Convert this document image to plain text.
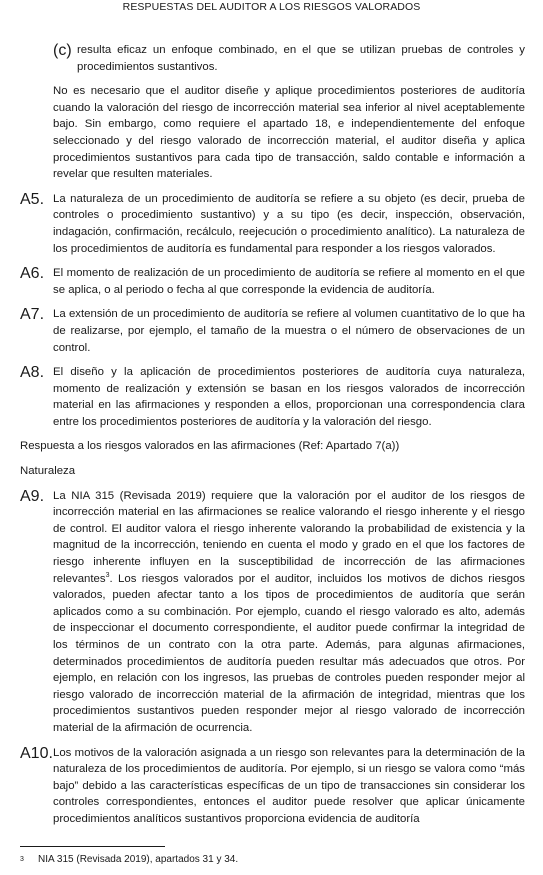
RESPUESTAS DEL AUDITOR A LOS RIESGOS VALORADOS
(c) resulta eficaz un enfoque combinado, en el que se utilizan pruebas de controles y procedimientos sustantivos.

No es necesario que el auditor diseñe y aplique procedimientos posteriores de auditoría cuando la valoración del riesgo de incorrección material sea inferior al nivel aceptablemente bajo. Sin embargo, como requiere el apartado 18, e independientemente del enfoque seleccionado y del riesgo valorado de incorrección material, el auditor diseña y aplica procedimientos sustantivos para cada tipo de transacción, saldo contable e información a revelar que resulten materiales.

A5. La naturaleza de un procedimiento de auditoría se refiere a su objeto (es decir, prueba de controles o procedimiento sustantivo) y a su tipo (es decir, inspección, observación, indagación, confirmación, recálculo, reejecución o procedimiento analítico). La naturaleza de los procedimientos de auditoría es fundamental para responder a los riesgos valorados.

A6. El momento de realización de un procedimiento de auditoría se refiere al momento en el que se aplica, o al periodo o fecha al que corresponde la evidencia de auditoría.

A7. La extensión de un procedimiento de auditoría se refiere al volumen cuantitativo de lo que ha de realizarse, por ejemplo, el tamaño de la muestra o el número de observaciones de un control.

A8. El diseño y la aplicación de procedimientos posteriores de auditoría cuya naturaleza, momento de realización y extensión se basan en los riesgos valorados de incorrección material en las afirmaciones y responden a ellos, proporcionan una correspondencia clara entre los procedimientos posteriores de auditoría y la valoración del riesgo.

Respuesta a los riesgos valorados en las afirmaciones (Ref: Apartado 7(a))

Naturaleza

A9. La NIA 315 (Revisada 2019) requiere que la valoración por el auditor de los riesgos de incorrección material en las afirmaciones se realice valorando el riesgo inherente y el riesgo de control. El auditor valora el riesgo inherente valorando la probabilidad de existencia y la magnitud de la incorrección, teniendo en cuenta el modo y grado en el que los factores de riesgo inherente influyen en la susceptibilidad de incorrección de las afirmaciones relevantes$^3$. Los riesgos valorados por el auditor, incluidos los motivos de dichos riesgos valorados, pueden afectar tanto a los tipos de procedimientos de auditoría que serán aplicados como a su combinación. Por ejemplo, cuando el riesgo valorado es alto, además de inspeccionar el documento correspondiente, el auditor puede confirmar la integridad de los términos de un contrato con la otra parte. Además, para algunas afirmaciones, determinados procedimientos de auditoría pueden resultar más adecuados que otros. Por ejemplo, en relación con los ingresos, las pruebas de controles pueden responder mejor al riesgo valorado de incorrección material de la afirmación de integridad, mientras que los procedimientos sustantivos pueden responder mejor al riesgo valorado de incorrección material de la afirmación de ocurrencia.

A10. Los motivos de la valoración asignada a un riesgo son relevantes para la determinación de la naturaleza de los procedimientos de auditoría. Por ejemplo, si un riesgo se valora como “más bajo” debido a las características específicas de un tipo de transacciones sin considerar los controles correspondientes, entonces el auditor puede resolver que aplicar únicamente procedimientos analíticos sustantivos proporciona evidencia de auditoría

3 NIA 315 (Revisada 2019), apartados 31 y 34.
